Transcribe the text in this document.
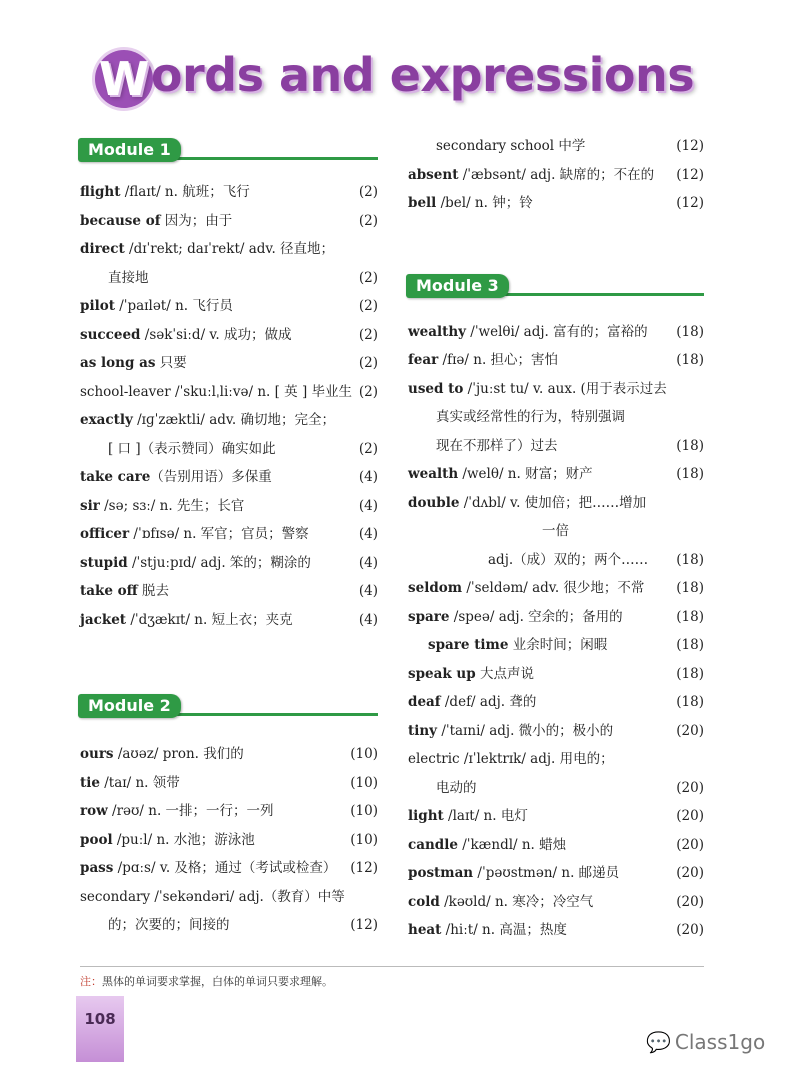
Words and expressions
Module 1
flight /flaɪt/ n. 航班；飞行	(2)
because of 因为；由于	(2)
direct /dɪˈrekt; daɪˈrekt/ adv. 径直地；
直接地	(2)
pilot /ˈpaɪlət/ n. 飞行员	(2)
succeed /səkˈsiːd/ v. 成功；做成	(2)
as long as 只要	(2)
school-leaver /ˈskuːlˌliːvə/ n. [ 英 ] 毕业生 (2)
exactly /ɪɡˈzæktli/ adv. 确切地；完全；
[ 口 ]（表示赞同）确实如此	(2)
take care（告别用语）多保重	(4)
sir /sə; sɜː/ n. 先生；长官	(4)
officer /ˈɒfɪsə/ n. 军官；官员；警察	(4)
stupid /ˈstjuːpɪd/ adj. 笨的；糊涂的	(4)
take off 脱去	(4)
jacket /ˈdʒækɪt/ n. 短上衣；夹克	(4)
Module 2
ours /aʊəz/ pron. 我们的	(10)
tie /taɪ/ n. 领带	(10)
row /rəʊ/ n. 一排；一行；一列	(10)
pool /puːl/ n. 水池；游泳池	(10)
pass /pɑːs/ v. 及格；通过（考试或检查） (12)
secondary /ˈsekəndəri/ adj.（教育）中等
的；次要的；间接的	(12)
secondary school 中学	(12)
absent /ˈæbsənt/ adj. 缺席的；不在的 (12)
bell /bel/ n. 钟；铃	(12)
Module 3
wealthy /ˈwelθi/ adj. 富有的；富裕的 (18)
fear /fɪə/ n. 担心；害怕	(18)
used to /ˈjuːst tu/ v. aux. (用于表示过去
真实或经常性的行为，特别强调
现在不那样了）过去	(18)
wealth /welθ/ n. 财富；财产	(18)
double /ˈdʌbl/ v. 使加倍；把……增加
一倍
adj.（成）双的；两个…… (18)
seldom /ˈseldəm/ adv. 很少地；不常 (18)
spare /speə/ adj. 空余的；备用的	(18)
spare time 业余时间；闲暇	(18)
speak up 大点声说	(18)
deaf /def/ adj. 聋的	(18)
tiny /ˈtaɪni/ adj. 微小的；极小的	(20)
electric /ɪˈlektrɪk/ adj. 用电的；
电动的	(20)
light /laɪt/ n. 电灯	(20)
candle /ˈkændl/ n. 蜡烛	(20)
postman /ˈpəʊstmən/ n. 邮递员	(20)
cold /kəʊld/ n. 寒冷；冷空气	(20)
heat /hiːt/ n. 高温；热度	(20)
注：黑体的单词要求掌握，白体的单词只要求理解。
108
💬 Class1go
